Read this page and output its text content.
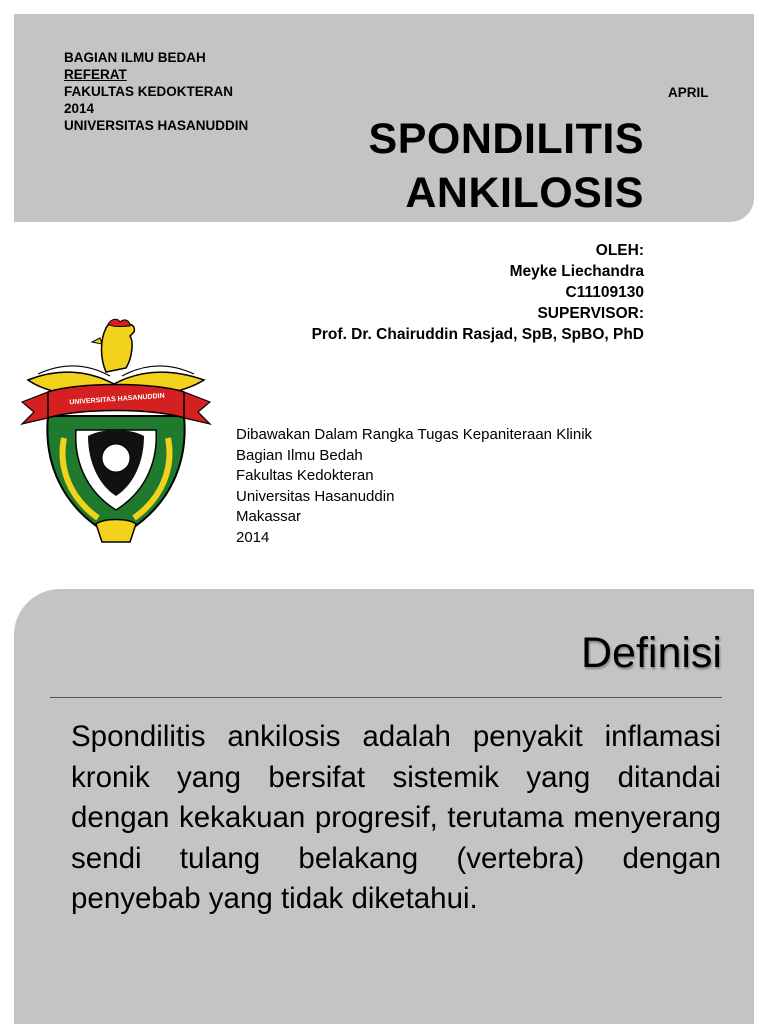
BAGIAN ILMU BEDAH
REFERAT
FAKULTAS KEDOKTERAN
2014
UNIVERSITAS HASANUDDIN
APRIL
SPONDILITIS
ANKILOSIS
OLEH:
Meyke Liechandra
C11109130
SUPERVISOR:
Prof. Dr. Chairuddin Rasjad, SpB, SpBO, PhD
UNIVERSITAS HASANUDDIN
Dibawakan Dalam Rangka Tugas Kepaniteraan Klinik
Bagian Ilmu Bedah
Fakultas Kedokteran
Universitas Hasanuddin
Makassar
2014
Definisi
Spondilitis ankilosis adalah penyakit inflamasi kronik yang bersifat sistemik yang ditandai dengan kekakuan progresif, terutama menyerang sendi tulang belakang (vertebra) dengan penyebab yang tidak diketahui.
